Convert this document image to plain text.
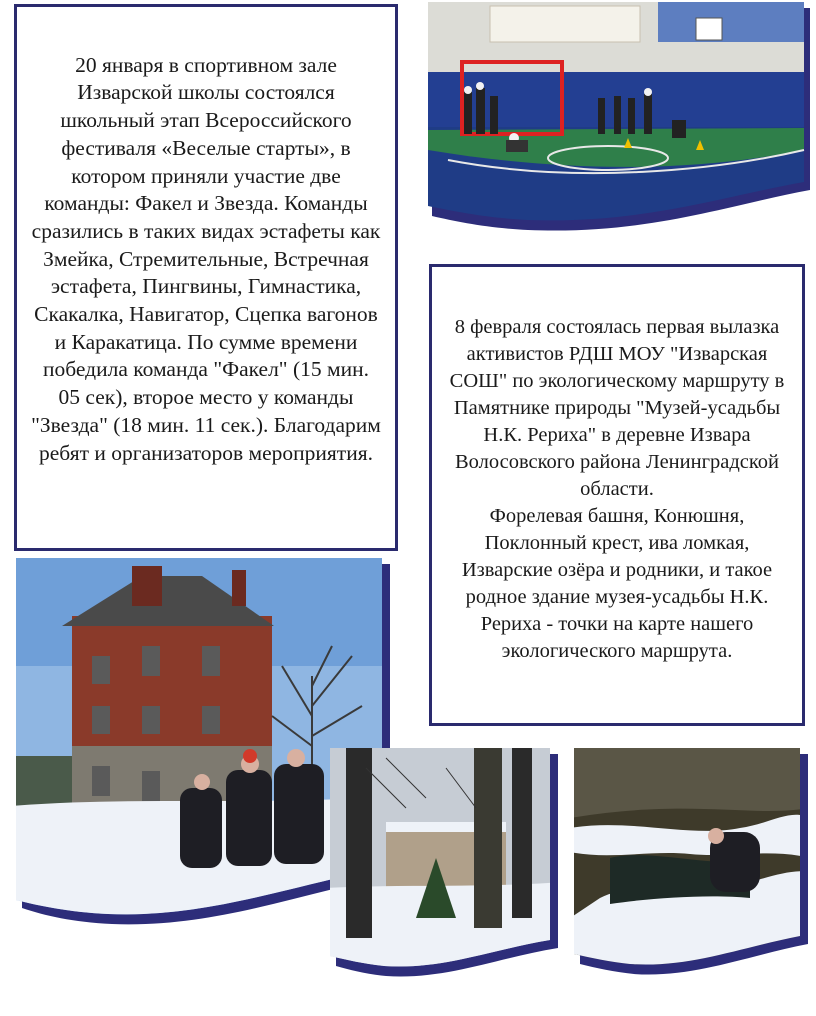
20 января в спортивном зале Изварской школы состоялся школьный этап Всероссийского фестиваля «Веселые старты», в котором приняли участие две команды: Факел и Звезда. Команды сразились в таких видах эстафеты как Змейка, Стремительные, Встречная эстафета, Пингвины, Гимнастика, Скакалка, Навигатор, Сцепка вагонов и Каракатица. По сумме времени победила команда "Факел" (15 мин. 05 сек), второе место у команды "Звезда" (18 мин. 11 сек.). Благодарим ребят и организаторов мероприятия.

8 февраля состоялась первая вылазка активистов РДШ МОУ "Изварская СОШ" по экологическому маршруту в Памятнике природы "Музей-усадьбы Н.К. Рериха" в деревне Извара Волосовского района Ленинградской области.

Форелевая башня, Конюшня, Поклонный крест, ива ломкая, Изварские озёра и родники, и такое родное здание музея-усадьбы Н.К. Рериха - точки на карте нашего экологического маршрута.
